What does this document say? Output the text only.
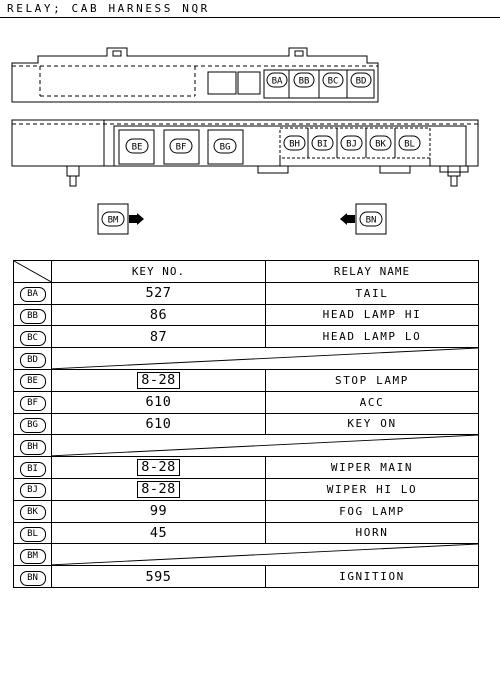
RELAY; CAB HARNESS NQR
BA BB BC BD
BE	BF	BG	BH BI BJ BK BL
BM	BN
	KEY NO.	RELAY NAME
BA	527	TAIL
BB	86	HEAD LAMP HI
BC	87	HEAD LAMP LO
BD	

BE	8-28	STOP LAMP
BF	610	ACC
BG	610	KEY ON
BH	

BI	8-28	WIPER MAIN
BJ	8-28	WIPER HI LO
BK	99	FOG LAMP
BL	45	HORN
BM	

BN	595	IGNITION
